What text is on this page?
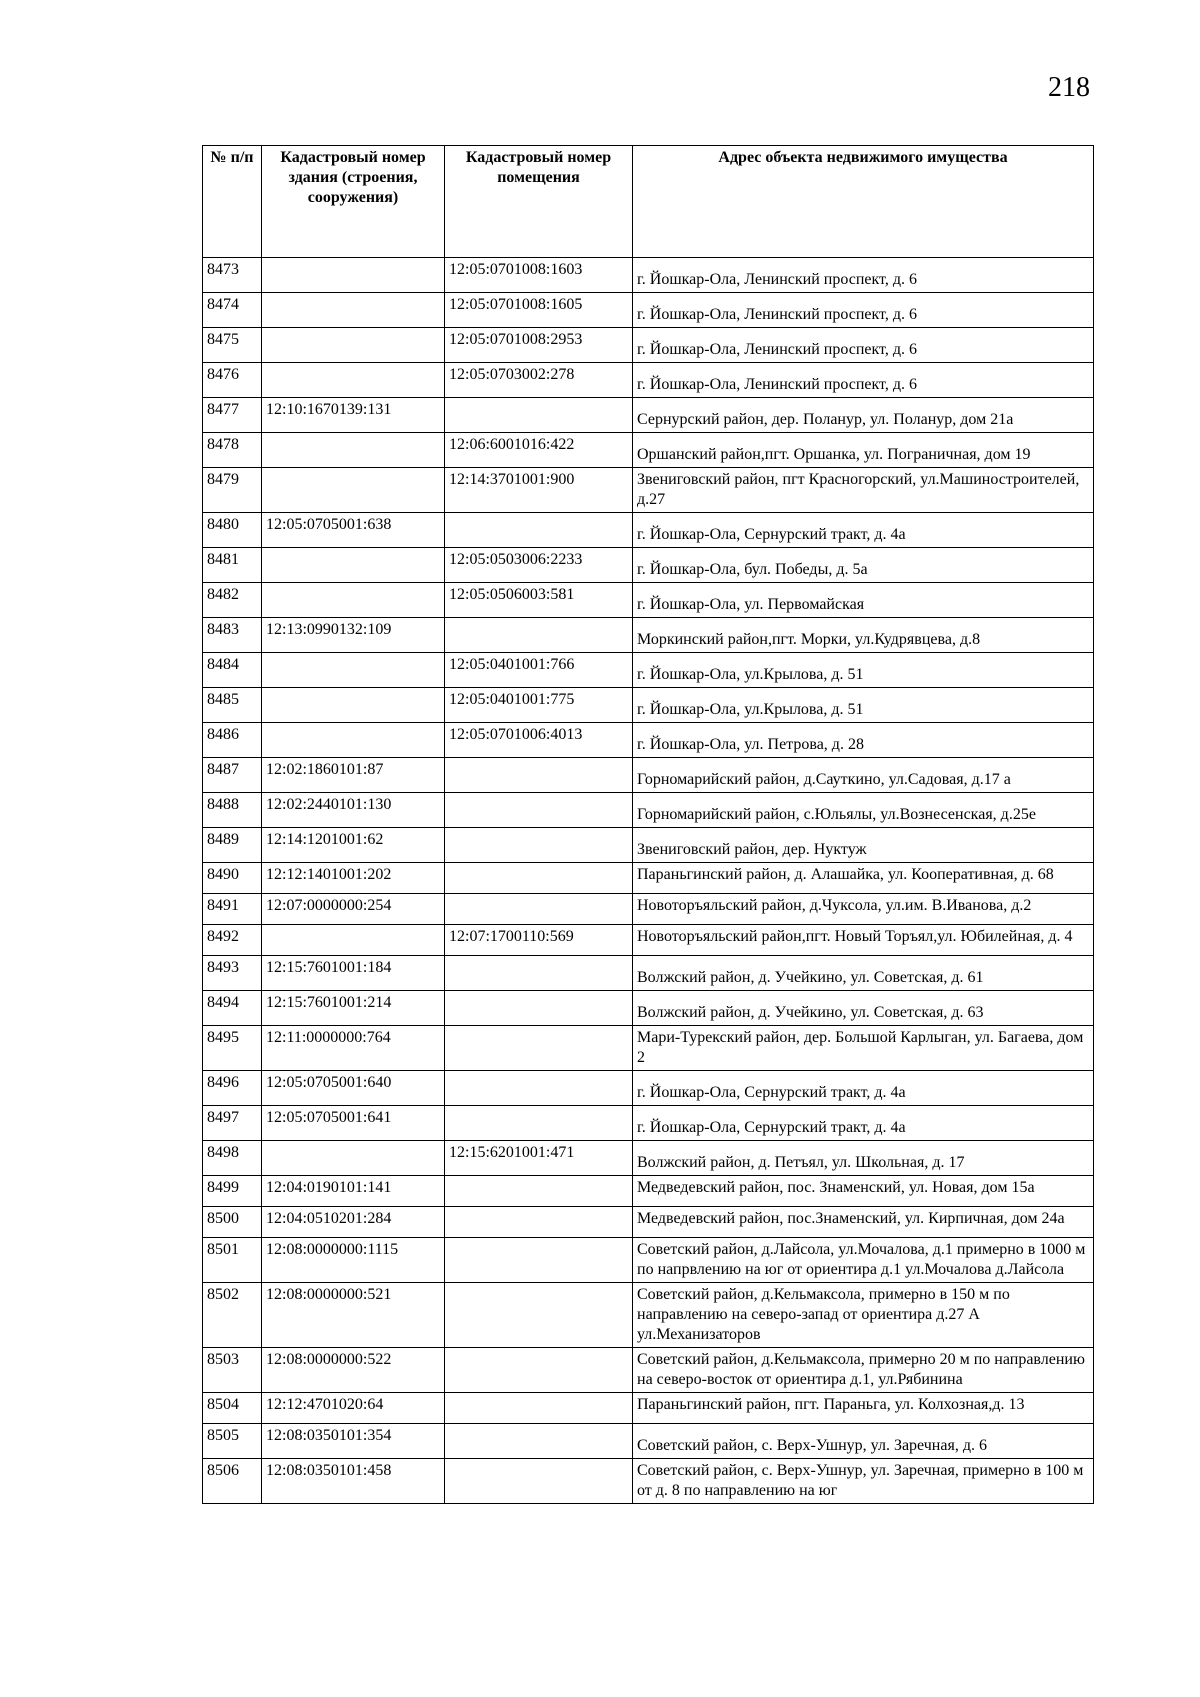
218
№ п/п	Кадастровый номер здания (строения, сооружения)	Кадастровый номер помещения	Адрес объекта недвижимого имущества
8473		12:05:0701008:1603	г. Йошкар-Ола, Ленинский проспект, д. 6
8474		12:05:0701008:1605	г. Йошкар-Ола, Ленинский проспект, д. 6
8475		12:05:0701008:2953	г. Йошкар-Ола, Ленинский проспект, д. 6
8476		12:05:0703002:278	г. Йошкар-Ола, Ленинский проспект, д. 6
8477	12:10:1670139:131		Сернурский район, дер. Поланур, ул. Поланур, дом 21а
8478		12:06:6001016:422	Оршанский район,пгт. Оршанка, ул. Пограничная, дом 19
8479		12:14:3701001:900	Звениговский район, пгт Красногорский, ул.Машиностроителей, д.27
8480	12:05:0705001:638		г. Йошкар-Ола, Сернурский тракт, д. 4а
8481		12:05:0503006:2233	г. Йошкар-Ола, бул. Победы, д. 5а
8482		12:05:0506003:581	г. Йошкар-Ола, ул. Первомайская
8483	12:13:0990132:109		Моркинский район,пгт. Морки, ул.Кудрявцева, д.8
8484		12:05:0401001:766	г. Йошкар-Ола, ул.Крылова, д. 51
8485		12:05:0401001:775	г. Йошкар-Ола, ул.Крылова, д. 51
8486		12:05:0701006:4013	г. Йошкар-Ола, ул. Петрова, д. 28
8487	12:02:1860101:87		Горномарийский район, д.Сауткино, ул.Садовая, д.17 а
8488	12:02:2440101:130		Горномарийский район, с.Юльялы, ул.Вознесенская, д.25е
8489	12:14:1201001:62		Звениговский район, дер. Нуктуж
8490	12:12:1401001:202		Параньгинский район, д. Алашайка, ул. Кооперативная, д. 68
8491	12:07:0000000:254		Новоторъяльский район, д.Чуксола, ул.им. В.Иванова, д.2
8492		12:07:1700110:569	Новоторъяльский район,пгт. Новый Торъял,ул. Юбилейная, д. 4
8493	12:15:7601001:184		Волжский район, д. Учейкино, ул. Советская, д. 61
8494	12:15:7601001:214		Волжский район, д. Учейкино, ул. Советская, д. 63
8495	12:11:0000000:764		Мари-Турекский район, дер. Большой Карлыган, ул. Багаева, дом 2
8496	12:05:0705001:640		г. Йошкар-Ола, Сернурский тракт, д. 4а
8497	12:05:0705001:641		г. Йошкар-Ола, Сернурский тракт, д. 4а
8498		12:15:6201001:471	Волжский район, д. Петъял, ул. Школьная, д. 17
8499	12:04:0190101:141		Медведевский район, пос. Знаменский, ул. Новая, дом 15а
8500	12:04:0510201:284		Медведевский район, пос.Знаменский, ул. Кирпичная, дом 24а
8501	12:08:0000000:1115		Советский район, д.Лайсола, ул.Мочалова, д.1 примерно в 1000 м по напрвлению на юг от ориентира д.1 ул.Мочалова д.Лайсола
8502	12:08:0000000:521		Советский район, д.Кельмаксола, примерно в 150 м по направлению на северо-запад от ориентира д.27 А ул.Механизаторов
8503	12:08:0000000:522		Советский район, д.Кельмаксола, примерно 20 м по направлению на северо-восток от ориентира д.1, ул.Рябинина
8504	12:12:4701020:64		Параньгинский район, пгт. Параньга, ул. Колхозная,д. 13
8505	12:08:0350101:354		Советский район, с. Верх-Ушнур, ул. Заречная, д. 6
8506	12:08:0350101:458		Советский район, с. Верх-Ушнур, ул. Заречная, примерно в 100 м от д. 8 по направлению на юг
